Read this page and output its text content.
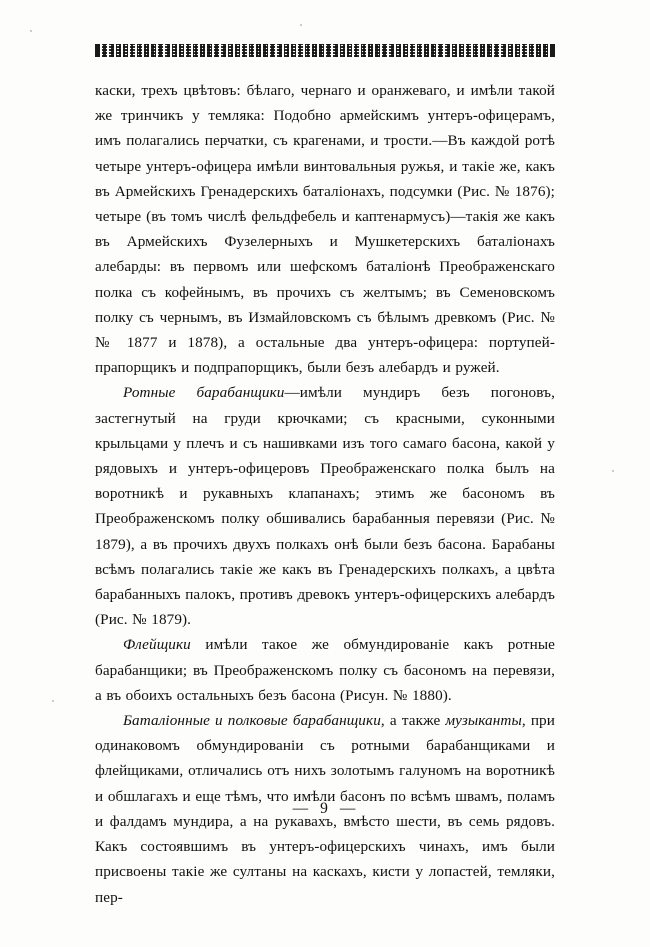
каски, трехъ цвѣтовъ: бѣлаго, чернаго и оранжеваго, и имѣли такой же тринчикъ у темляка: Подобно армейскимъ унтеръ-офицерамъ, имъ полагались перчатки, съ крагенами, и трости.—Въ каждой ротѣ четыре унтеръ-офицера имѣли винтовальныя ружья, и такіе же, какъ въ Армейскихъ Гренадерскихъ баталіонахъ, подсумки (Рис. № 1876); четыре (въ томъ числѣ фельдфебель и каптенармусъ)—такія же какъ въ Армейскихъ Фузелерныхъ и Мушкетерскихъ баталіонахъ алебарды: въ первомъ или шефскомъ баталіонѣ Преображенскаго полка съ кофейнымъ, въ прочихъ съ желтымъ; въ Семеновскомъ полку съ чернымъ, въ Измайловскомъ съ бѣлымъ древкомъ (Рис. №№ 1877 и 1878), а остальные два унтеръ-офицера: портупей-прапорщикъ и подпрапорщикъ, были безъ алебардъ и ружей.

Ротные барабанщики—имѣли мундиръ безъ погоновъ, застегнутый на груди крючками; съ красными, суконными крыльцами у плечъ и съ нашивками изъ того самаго басона, какой у рядовыхъ и унтеръ-офицеровъ Преображенскаго полка былъ на воротникѣ и рукавныхъ клапанахъ; этимъ же басономъ въ Преображенскомъ полку обшивались барабанныя перевязи (Рис. № 1879), а въ прочихъ двухъ полкахъ онѣ были безъ басона. Барабаны всѣмъ полагались такіе же какъ въ Гренадерскихъ полкахъ, а цвѣта барабанныхъ палокъ, противъ древокъ унтеръ-офицерскихъ алебардъ (Рис. № 1879).

Флейщики имѣли такое же обмундированіе какъ ротные барабанщики; въ Преображенскомъ полку съ басономъ на перевязи, а въ обоихъ остальныхъ безъ басона (Рисун. № 1880).

Баталіонные и полковые барабанщики, а также музыканты, при одинаковомъ обмундированіи съ ротными барабанщиками и флейщиками, отличались отъ нихъ золотымъ галуномъ на воротникѣ и обшлагахъ и еще тѣмъ, что имѣли басонъ по всѣмъ швамъ, поламъ и фалдамъ мундира, а на рукавахъ, вмѣсто шести, въ семь рядовъ. Какъ состоявшимъ въ унтеръ-офицерскихъ чинахъ, имъ были присвоены такіе же султаны на каскахъ, кисти у лопастей, темляки, пер-

— 9 —
